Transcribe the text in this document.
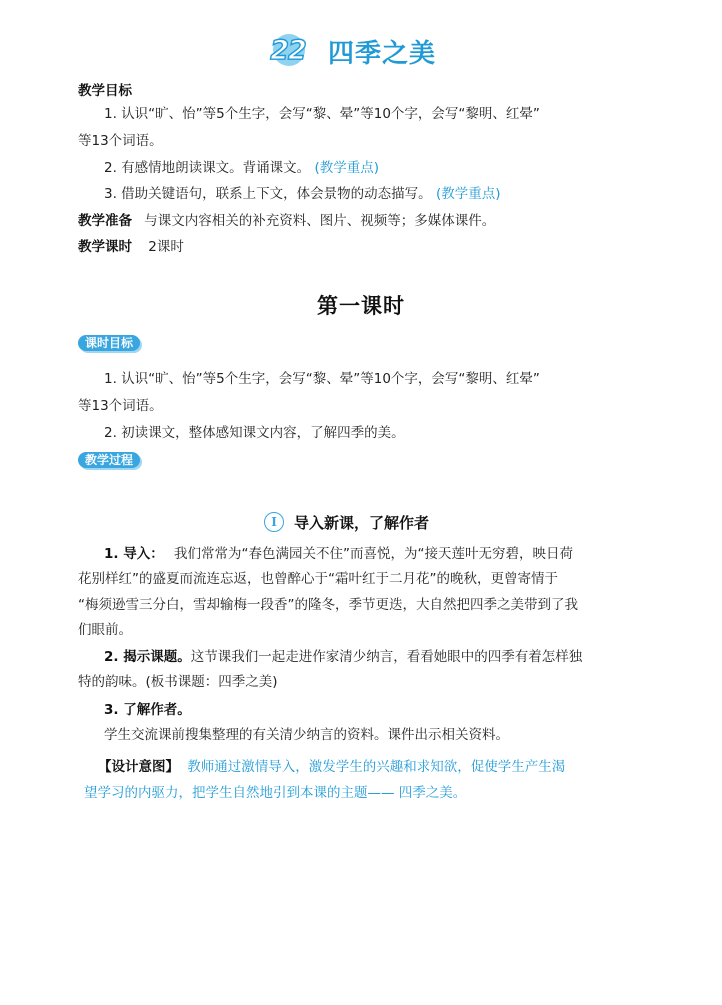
22 四季之美
教学目标
1. 认识“旷、怡”等5个生字，会写“黎、晕”等10个字，会写“黎明、红晕”
等13个词语。
2. 有感情地朗读课文。背诵课文。 (教学重点)
3. 借助关键语句，联系上下文，体会景物的动态描写。 (教学重点)
教学准备 与课文内容相关的补充资料、图片、视频等；多媒体课件。
教学课时 2课时
第一课时
课时目标
1. 认识“旷、怡”等5个生字，会写“黎、晕”等10个字，会写“黎明、红晕”
等13个词语。
2. 初读课文，整体感知课文内容，了解四季的美。
教学过程
Ⅰ	导入新课，了解作者
1. 导入： 我们常常为“春色满园关不住”而喜悦，为“接天莲叶无穷碧，映日荷
花别样红”的盛夏而流连忘返，也曾醉心于“霜叶红于二月花”的晚秋，更曾寄情于
“梅须逊雪三分白，雪却输梅一段香”的隆冬，季节更迭，大自然把四季之美带到了我
们眼前。
2. 揭示课题。这节课我们一起走进作家清少纳言，看看她眼中的四季有着怎样独
特的韵味。(板书课题：四季之美)
3. 了解作者。
学生交流课前搜集整理的有关清少纳言的资料。课件出示相关资料。
【设计意图】 教师通过激情导入，激发学生的兴趣和求知欲，促使学生产生渴
望学习的内驱力，把学生自然地引到本课的主题—— 四季之美。
